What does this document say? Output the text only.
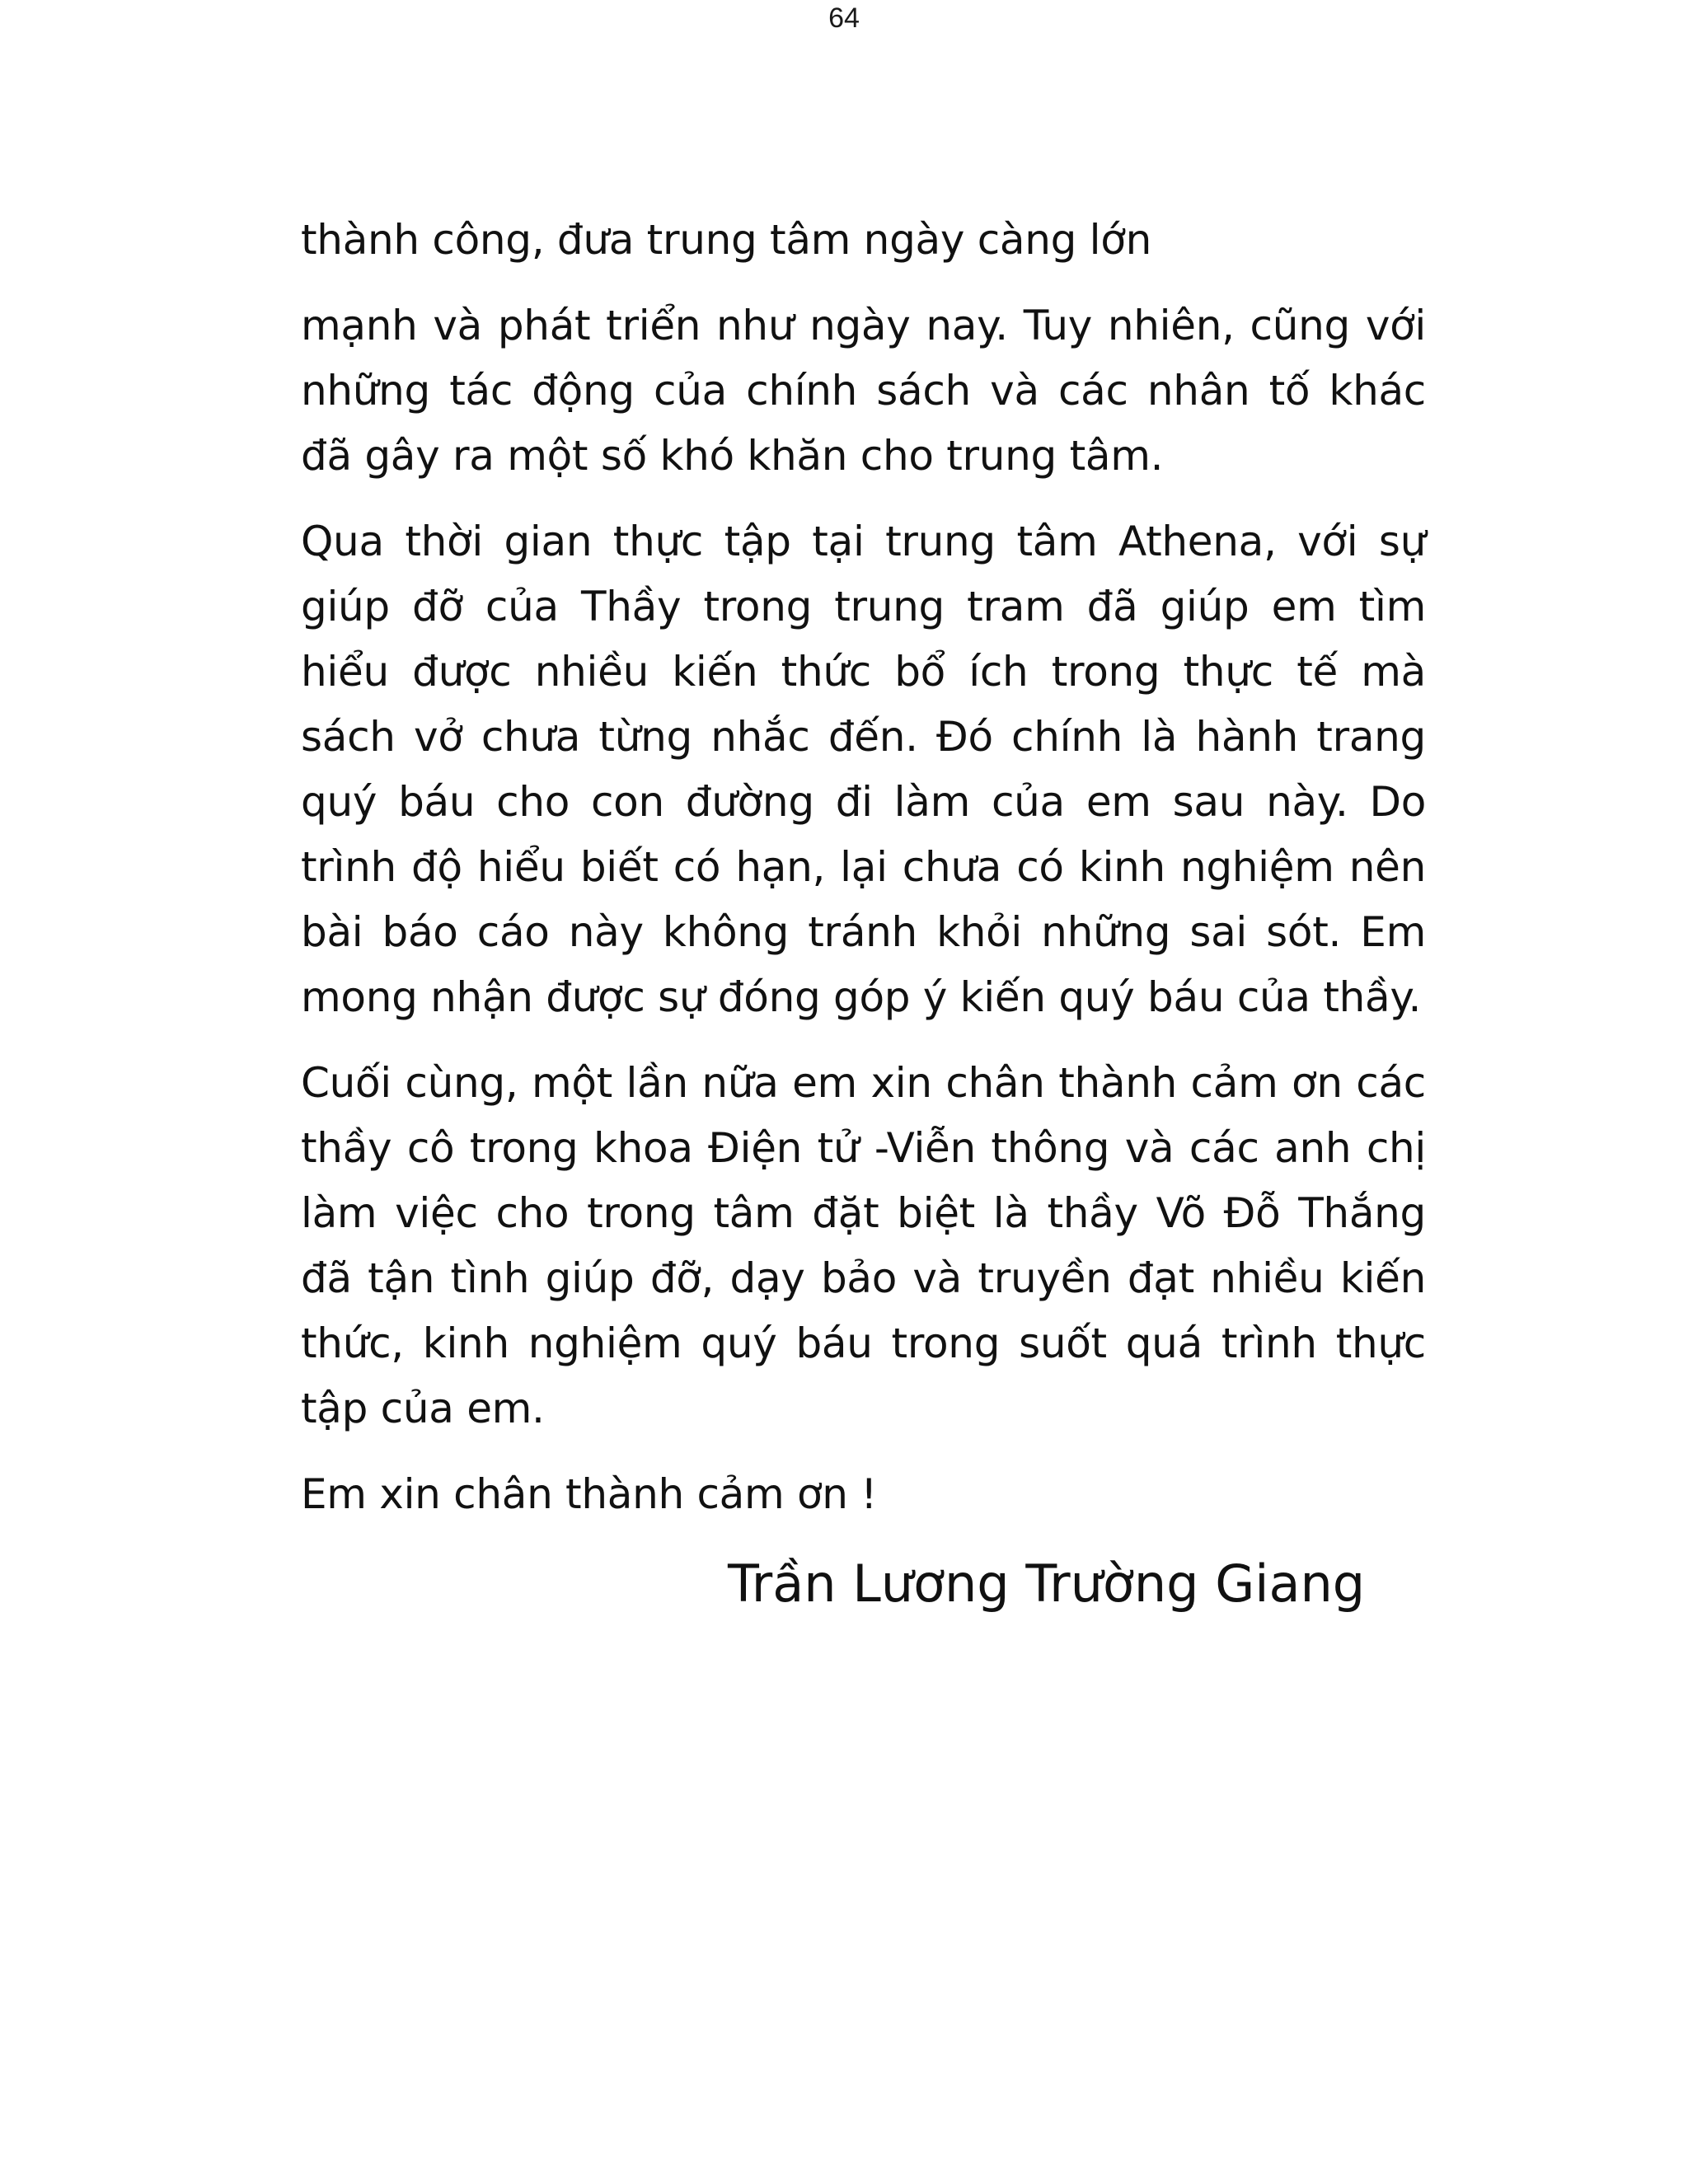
64

thành công, đưa trung tâm ngày càng lớn

mạnh và phát triển như ngày nay. Tuy nhiên, cũng với những tác động của chính sách và các nhân tố khác đã gây ra một số khó khăn cho trung tâm.

Qua thời gian thực tập tại trung tâm Athena, với sự giúp đỡ của Thầy trong trung tram đã giúp em tìm hiểu được nhiều kiến thức bổ ích trong thực tế mà sách vở chưa từng nhắc đến. Đó chính là hành trang quý báu cho con đường đi làm của em sau này. Do trình độ hiểu biết có hạn, lại chưa có kinh nghiệm nên bài báo cáo này không tránh khỏi những sai sót. Em mong nhận được sự đóng góp ý kiến quý báu của thầy.

Cuối cùng, một lần nữa em xin chân thành cảm ơn các thầy cô trong khoa Điện tử -Viễn thông và các anh chị làm việc cho trong tâm đặt biệt là thầy Võ Đỗ Thắng đã tận tình giúp đỡ, dạy bảo và truyền đạt nhiều kiến thức, kinh nghiệm quý báu trong suốt quá trình thực tập của em.

Em xin chân thành cảm ơn !

Trần Lương Trường Giang
